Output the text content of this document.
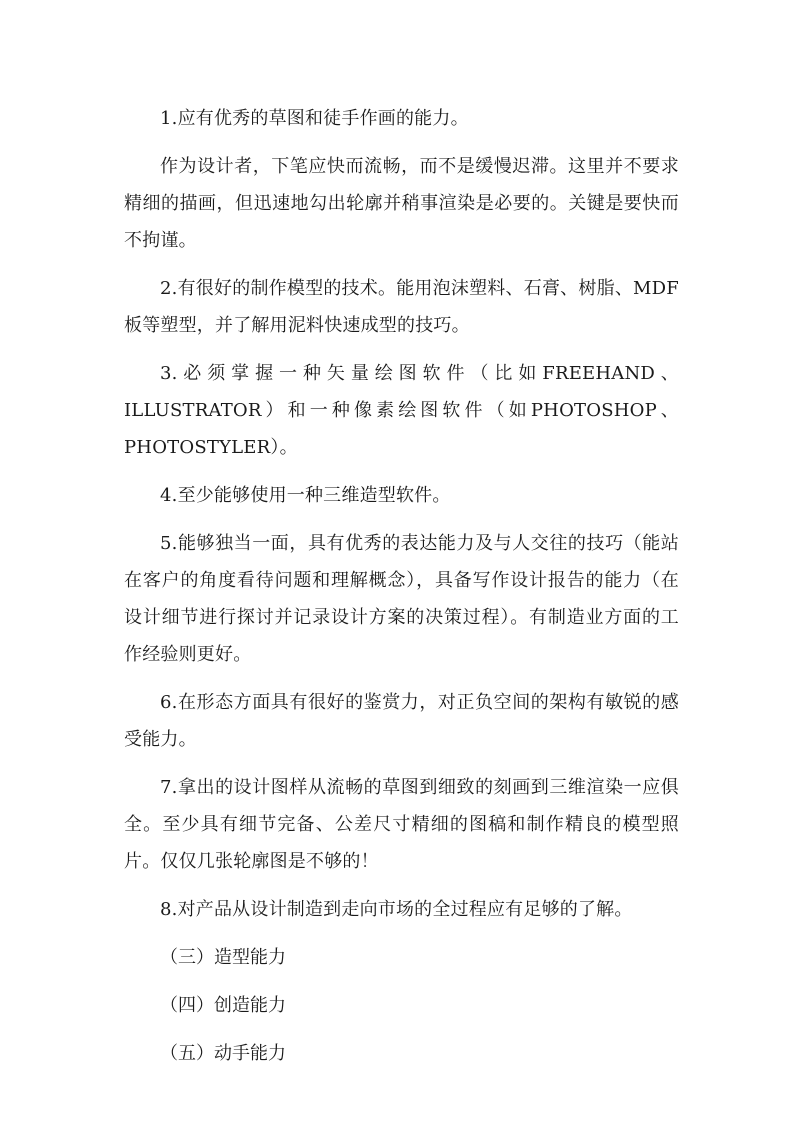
1.应有优秀的草图和徒手作画的能力。

作为设计者，下笔应快而流畅，而不是缓慢迟滞。这里并不要求精细的描画，但迅速地勾出轮廓并稍事渲染是必要的。关键是要快而不拘谨。

2.有很好的制作模型的技术。能用泡沫塑料、石膏、树脂、MDF板等塑型，并了解用泥料快速成型的技巧。

3.必须掌握一种矢量绘图软件（比如FREEHAND、ILLUSTRATOR）和一种像素绘图软件（如PHOTOSHOP、PHOTOSTYLER）。

4.至少能够使用一种三维造型软件。

5.能够独当一面，具有优秀的表达能力及与人交往的技巧（能站在客户的角度看待问题和理解概念），具备写作设计报告的能力（在设计细节进行探讨并记录设计方案的决策过程）。有制造业方面的工作经验则更好。

6.在形态方面具有很好的鉴赏力，对正负空间的架构有敏锐的感受能力。

7.拿出的设计图样从流畅的草图到细致的刻画到三维渲染一应俱全。至少具有细节完备、公差尺寸精细的图稿和制作精良的模型照片。仅仅几张轮廓图是不够的！

8.对产品从设计制造到走向市场的全过程应有足够的了解。

（三）造型能力

（四）创造能力

（五）动手能力
